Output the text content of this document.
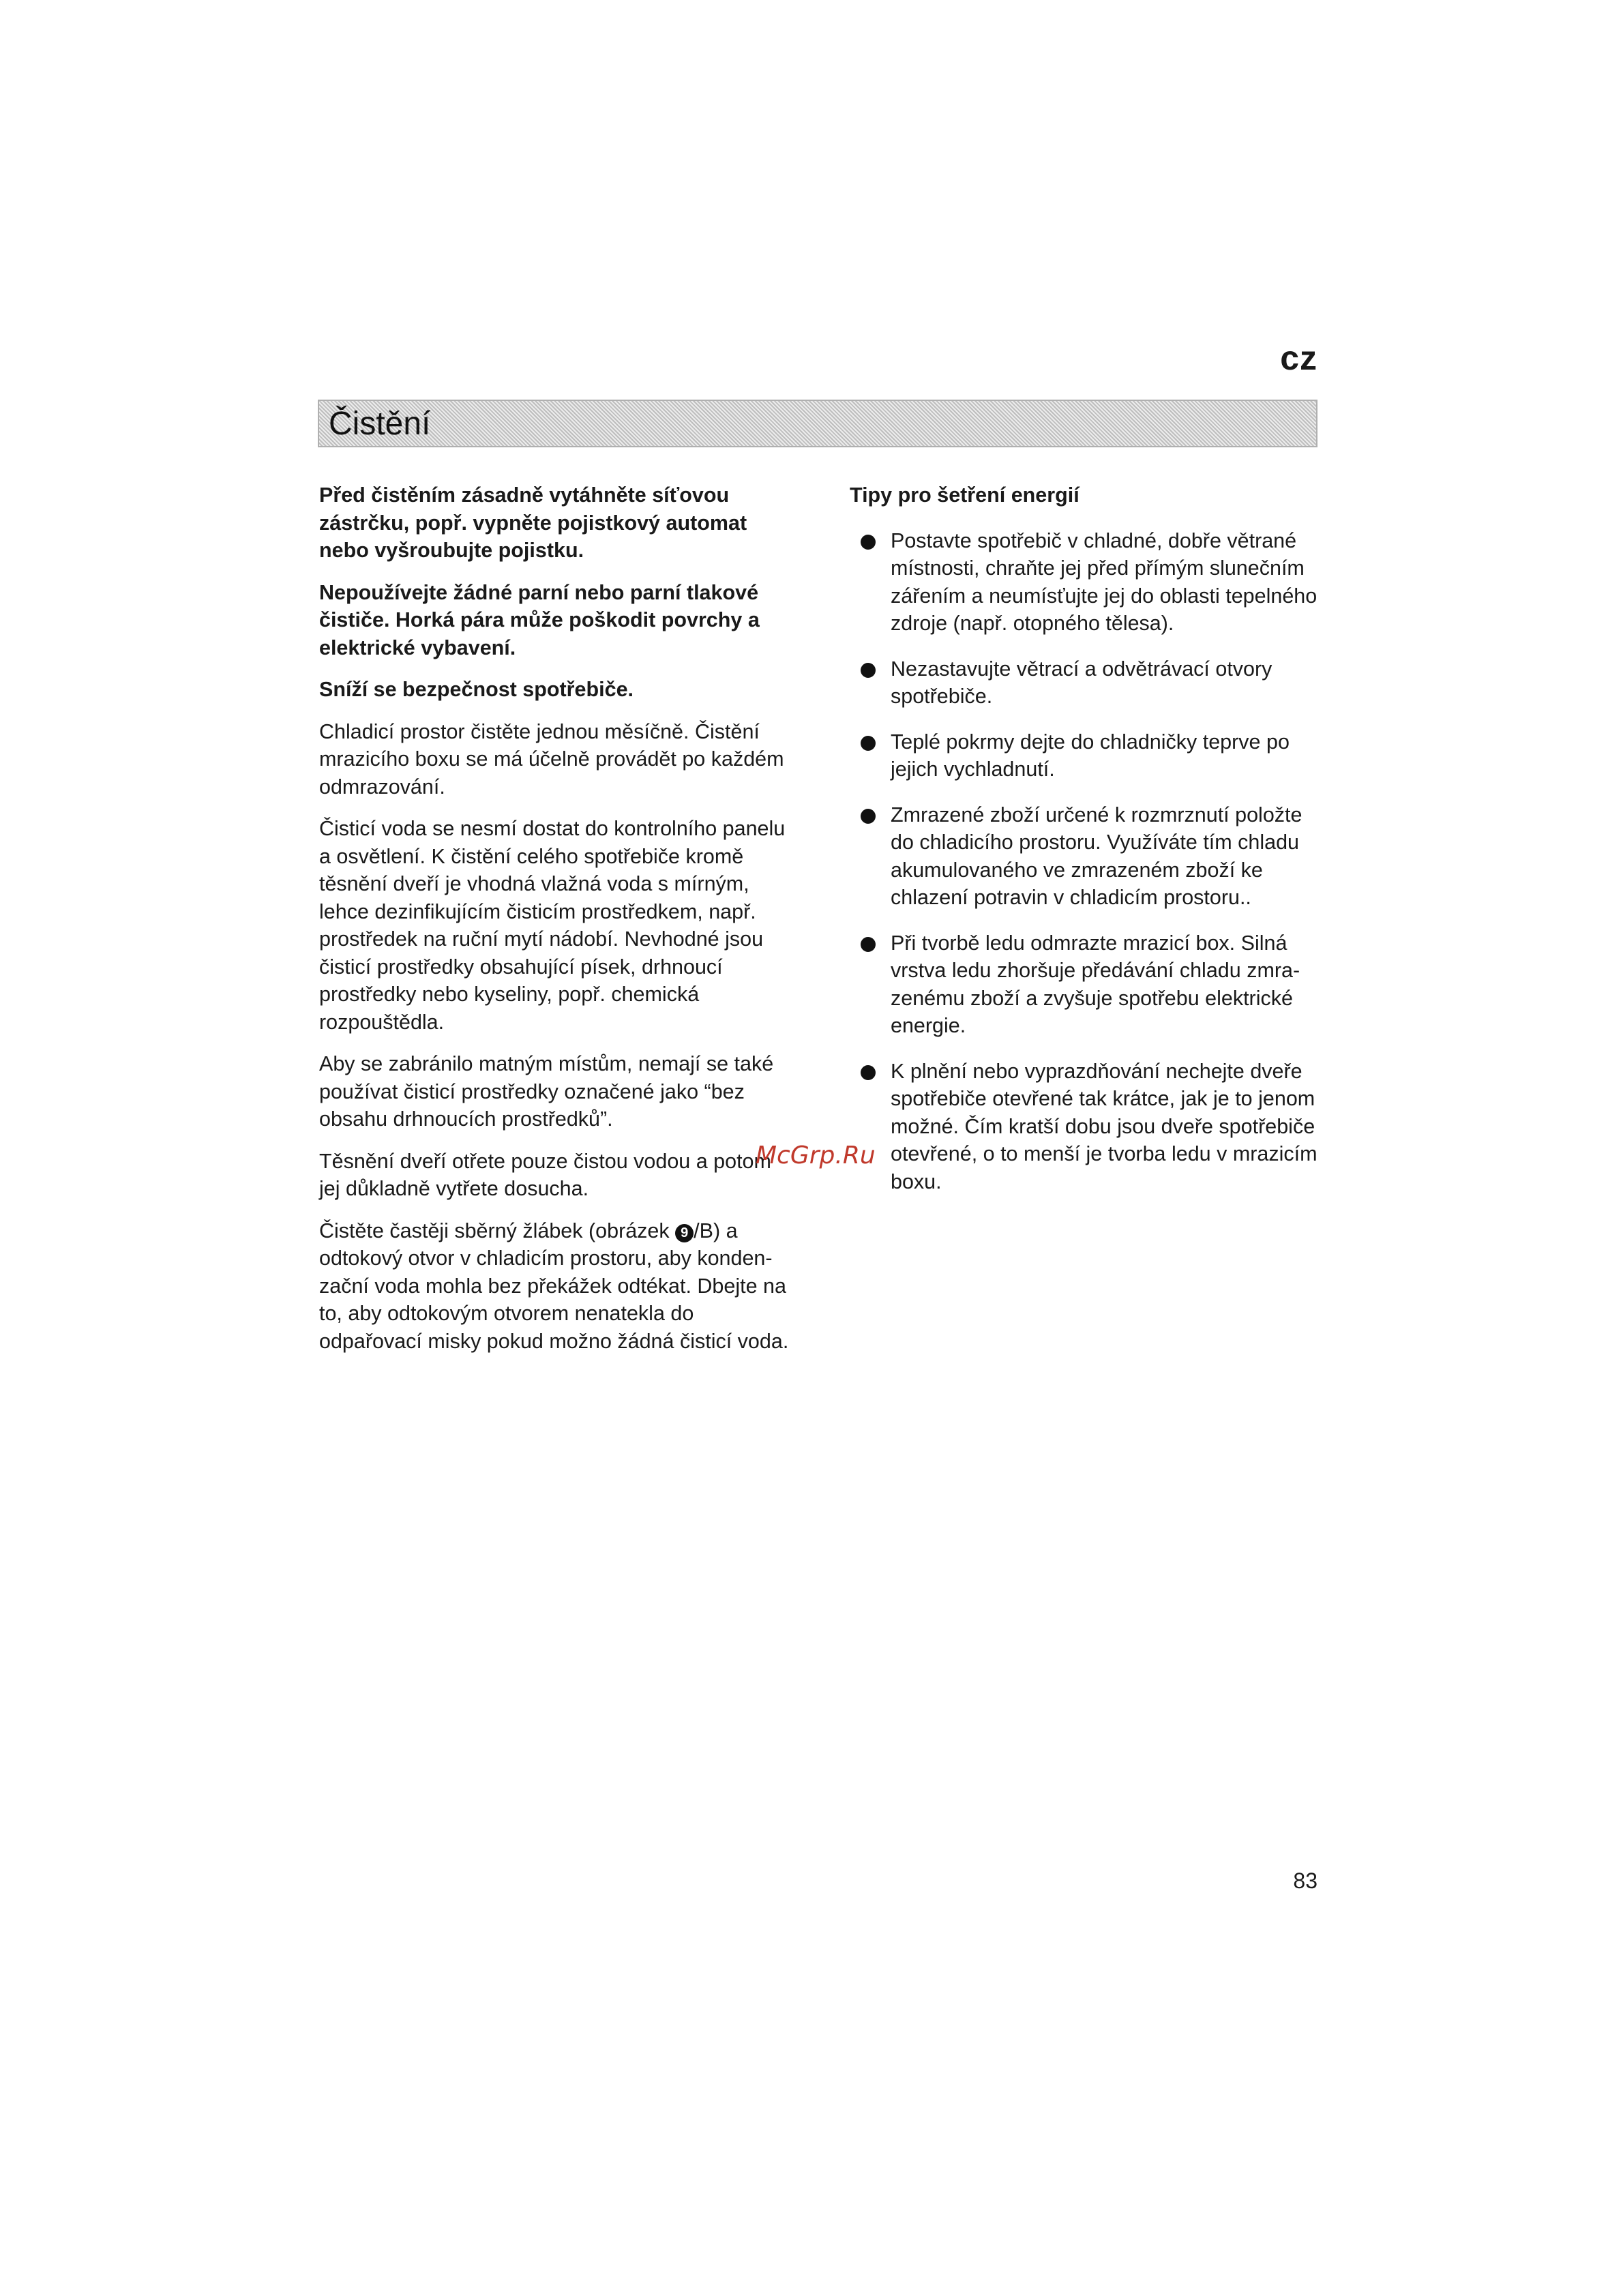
cz
Čistění

Před čistěním zásadně vytáhněte síťovou zástrčku, popř. vypněte pojistkový automat nebo vyšroubujte pojistku.

Nepoužívejte žádné parní nebo parní tlakové čističe. Horká pára může poškodit povrchy a elektrické vybavení.

Sníží se bezpečnost spotřebiče.

Chladicí prostor čistěte jednou měsíčně. Čistění mrazicího boxu se má účelně provádět po každém odmrazování.

Čisticí voda se nesmí dostat do kontrolního panelu a osvětlení. K čistění celého spotřebiče kromě těsnění dveří je vhodná vlažná voda s mírným, lehce dezinfikujícím čisticím prostředkem, např. prostředek na ruční mytí nádobí. Nevhodné jsou čisticí prostředky obsahující písek, drhnoucí prostředky nebo kyseliny, popř. chemická rozpouštědla.

Aby se zabránilo matným místům, nemají se také používat čisticí prostředky označené jako “bez obsahu drhnoucích prostředků”.

Těsnění dveří otřete pouze čistou vodou a potom jej důkladně vytřete dosucha.

Čistěte častěji sběrný žlábek (obrázek 9 /B) a odtokový otvor v chladicím prostoru, aby kondenzační voda mohla bez překážek odtékat. Dbejte na to, aby odtokovým otvorem nenatekla do odpařovací misky pokud možno žádná čisticí voda.

Tipy pro šetření energií

Postavte spotřebič v chladné, dobře větrané místnosti, chraňte jej před přímým slunečním zářením a neumísťujte jej do oblasti tepelného zdroje (např. otopného tělesa).
Nezastavujte větrací a odvětrávací otvory spotřebiče.
Teplé pokrmy dejte do chladničky teprve po jejich vychladnutí.
Zmrazené zboží určené k rozmrznutí položte do chladicího prostoru. Využíváte tím chladu akumulovaného ve zmrazeném zboží ke chlazení potravin v chladicím prostoru..
Při tvorbě ledu odmrazte mrazicí box. Silná vrstva ledu zhoršuje předávání chladu zmrazenému zboží a zvyšuje spotřebu elektrické energie.
K plnění nebo vyprazdňování nechejte dveře spotřebiče otevřené tak krátce, jak je to jenom možné. Čím kratší dobu jsou dveře spotřebiče otevřené, o to menší je tvorba ledu v mrazicím boxu.
McGrp.Ru
83
